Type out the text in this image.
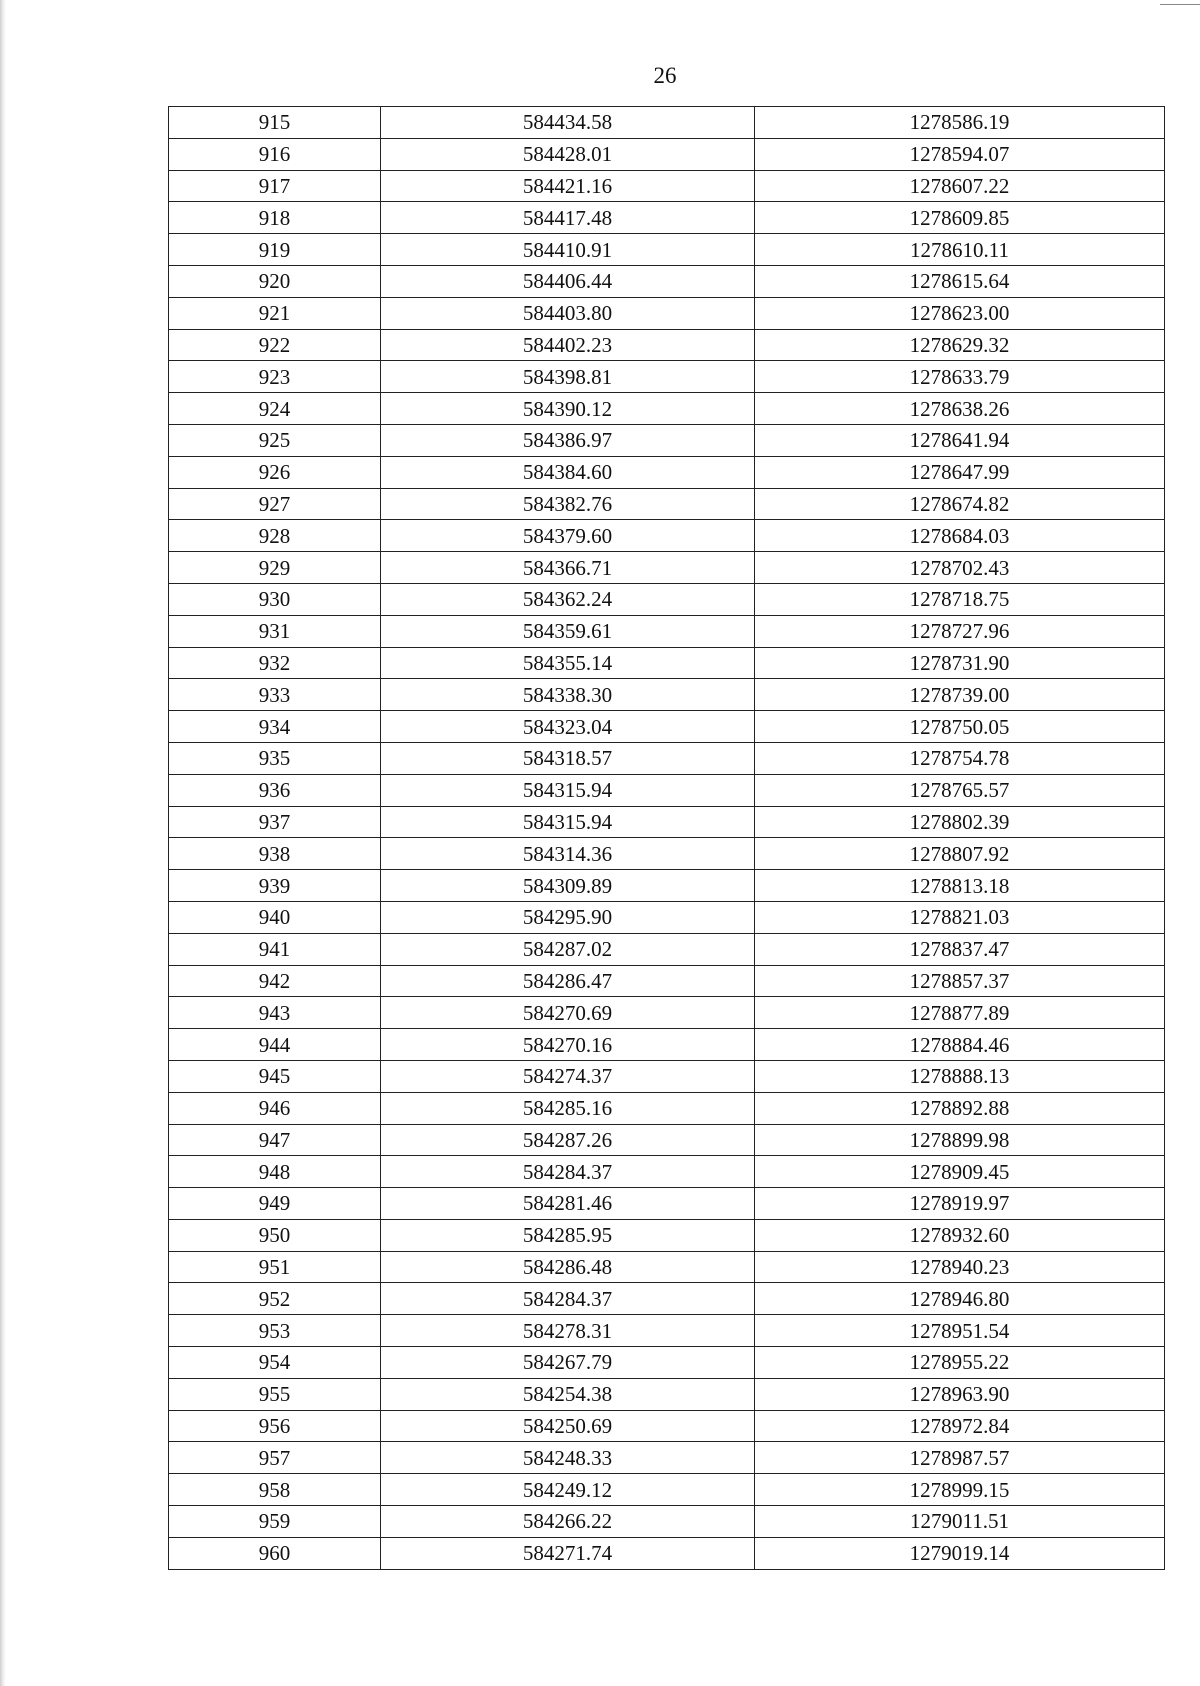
26
915	584434.58	1278586.19
916	584428.01	1278594.07
917	584421.16	1278607.22
918	584417.48	1278609.85
919	584410.91	1278610.11
920	584406.44	1278615.64
921	584403.80	1278623.00
922	584402.23	1278629.32
923	584398.81	1278633.79
924	584390.12	1278638.26
925	584386.97	1278641.94
926	584384.60	1278647.99
927	584382.76	1278674.82
928	584379.60	1278684.03
929	584366.71	1278702.43
930	584362.24	1278718.75
931	584359.61	1278727.96
932	584355.14	1278731.90
933	584338.30	1278739.00
934	584323.04	1278750.05
935	584318.57	1278754.78
936	584315.94	1278765.57
937	584315.94	1278802.39
938	584314.36	1278807.92
939	584309.89	1278813.18
940	584295.90	1278821.03
941	584287.02	1278837.47
942	584286.47	1278857.37
943	584270.69	1278877.89
944	584270.16	1278884.46
945	584274.37	1278888.13
946	584285.16	1278892.88
947	584287.26	1278899.98
948	584284.37	1278909.45
949	584281.46	1278919.97
950	584285.95	1278932.60
951	584286.48	1278940.23
952	584284.37	1278946.80
953	584278.31	1278951.54
954	584267.79	1278955.22
955	584254.38	1278963.90
956	584250.69	1278972.84
957	584248.33	1278987.57
958	584249.12	1278999.15
959	584266.22	1279011.51
960	584271.74	1279019.14
